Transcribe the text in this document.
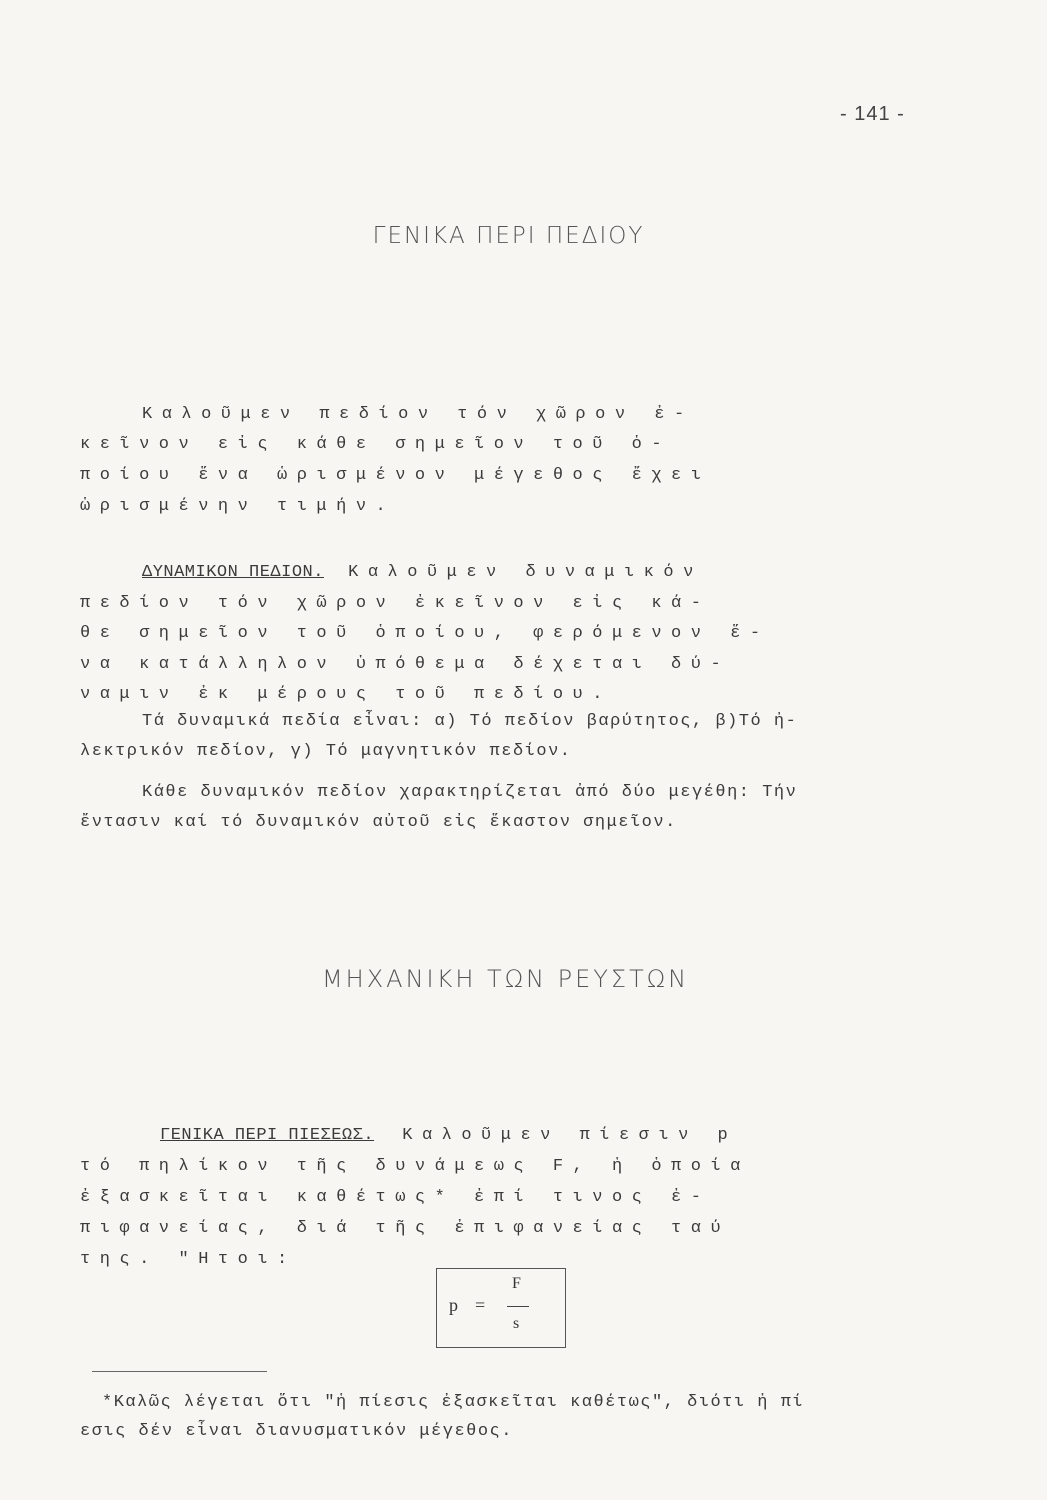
- 141 -
ΓΕΝΙΚΑ ΠΕΡΙ ΠΕΔΙΟΥ
Καλοῦμεν πεδίον τόν χῶρον ἐ-
κεῖνον εἰς κάθε σημεῖον τοῦ ὁ-
ποίου ἕνα ὡρισμένον μέγεθος ἔχει
ὡρισμένην τιμήν.
ΔΥΝΑΜΙΚΟΝ ΠΕΔΙΟΝ. Καλοῦμεν δυναμικόν
πεδίον τόν χῶρον ἐκεῖνον εἰς κά-
θε σημεῖον τοῦ ὁποίου, φερόμενον ἕ-
να κατάλληλον ὑπόθεμα δέχεται δύ-
ναμιν ἐκ μέρους τοῦ πεδίου.
Τά δυναμικά πεδία εἶναι: α) Τό πεδίον βαρύτητος, β)Τό ἠ-
λεκτρικόν πεδίον, γ) Τό μαγνητικόν πεδίον.
Κάθε δυναμικόν πεδίον χαρακτηρίζεται ἀπό δύο μεγέθη: Τήν
ἔντασιν καί τό δυναμικόν αὐτοῦ εἰς ἕκαστον σημεῖον.
ΜΗΧΑΝΙΚΗ ΤΩΝ ΡΕΥΣΤΩΝ
ΓΕΝΙΚΑ ΠΕΡΙ ΠΙΕΣΕΩΣ. Καλοῦμεν πίεσιν p
τό πηλίκον τῆς δυνάμεως F, ἡ ὁποία
ἐξασκεῖται καθέτως* ἐπί τινος ἐ-
πιφανείας, διά τῆς ἐπιφανείας ταύ
της. "Ητοι:
p =
F
s
*Καλῶς λέγεται ὅτι "ἡ πίεσις ἐξασκεῖται καθέτως", διότι ἡ πί
εσις δέν εἶναι διανυσματικόν μέγεθος.
